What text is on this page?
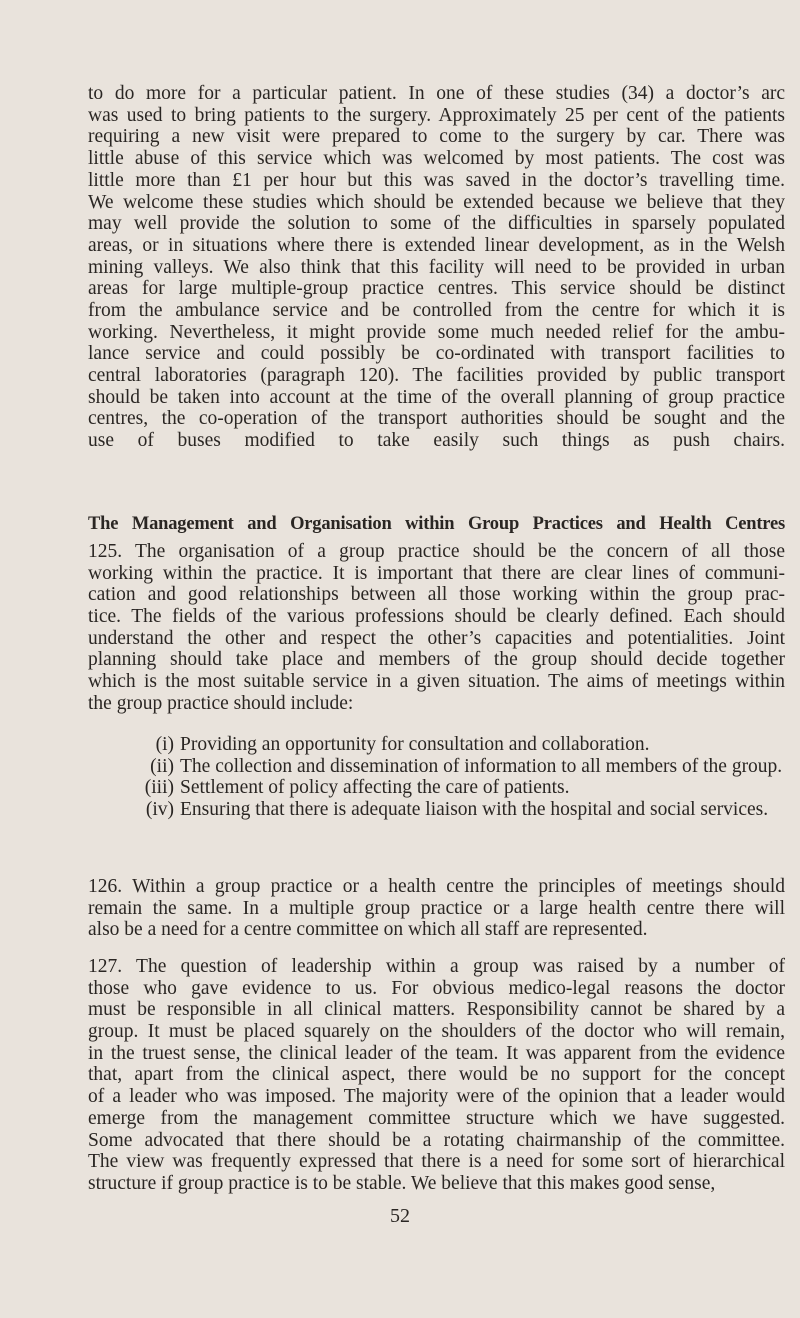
to do more for a particular patient. In one of these studies (34) a doctor’s arc
was used to bring patients to the surgery. Approximately 25 per cent of the patients
requiring a new visit were prepared to come to the surgery by car. There was
little abuse of this service which was welcomed by most patients. The cost was
little more than £1 per hour but this was saved in the doctor’s travelling time.
We welcome these studies which should be extended because we believe that they
may well provide the solution to some of the difficulties in sparsely populated
areas, or in situations where there is extended linear development, as in the Welsh
mining valleys. We also think that this facility will need to be provided in urban
areas for large multiple-group practice centres. This service should be distinct
from the ambulance service and be controlled from the centre for which it is
working. Nevertheless, it might provide some much needed relief for the ambu-
lance service and could possibly be co-ordinated with transport facilities to
central laboratories (paragraph 120). The facilities provided by public transport
should be taken into account at the time of the overall planning of group practice
centres, the co-operation of the transport authorities should be sought and the
use of buses modified to take easily such things as push chairs.
The Management and Organisation within Group Practices and Health Centres
125. The organisation of a group practice should be the concern of all those
working within the practice. It is important that there are clear lines of communi-
cation and good relationships between all those working within the group prac-
tice. The fields of the various professions should be clearly defined. Each should
understand the other and respect the other’s capacities and potentialities. Joint
planning should take place and members of the group should decide together
which is the most suitable service in a given situation. The aims of meetings within
the group practice should include:
(i) Providing an opportunity for consultation and collaboration.
(ii) The collection and dissemination of information to all members of the group.
(iii) Settlement of policy affecting the care of patients.
(iv) Ensuring that there is adequate liaison with the hospital and social services.
126. Within a group practice or a health centre the principles of meetings should
remain the same. In a multiple group practice or a large health centre there will
also be a need for a centre committee on which all staff are represented.
127. The question of leadership within a group was raised by a number of
those who gave evidence to us. For obvious medico-legal reasons the doctor
must be responsible in all clinical matters. Responsibility cannot be shared by a
group. It must be placed squarely on the shoulders of the doctor who will remain,
in the truest sense, the clinical leader of the team. It was apparent from the evidence
that, apart from the clinical aspect, there would be no support for the concept
of a leader who was imposed. The majority were of the opinion that a leader would
emerge from the management committee structure which we have suggested.
Some advocated that there should be a rotating chairmanship of the committee.
The view was frequently expressed that there is a need for some sort of hierarchical
structure if group practice is to be stable. We believe that this makes good sense,
52
